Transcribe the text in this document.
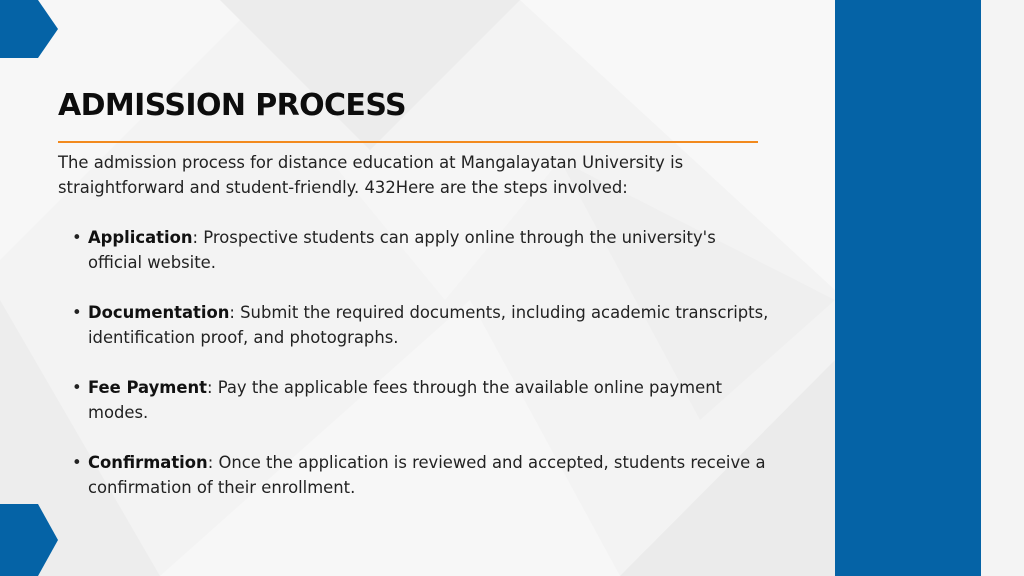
ADMISSION PROCESS

The admission process for distance education at Mangalayatan University is straightforward and student-friendly. 432Here are the steps involved:

• Application: Prospective students can apply online through the university's official website.
• Documentation: Submit the required documents, including academic transcripts, identification proof, and photographs.
• Fee Payment: Pay the applicable fees through the available online payment modes.
• Confirmation: Once the application is reviewed and accepted, students receive a confirmation of their enrollment.
